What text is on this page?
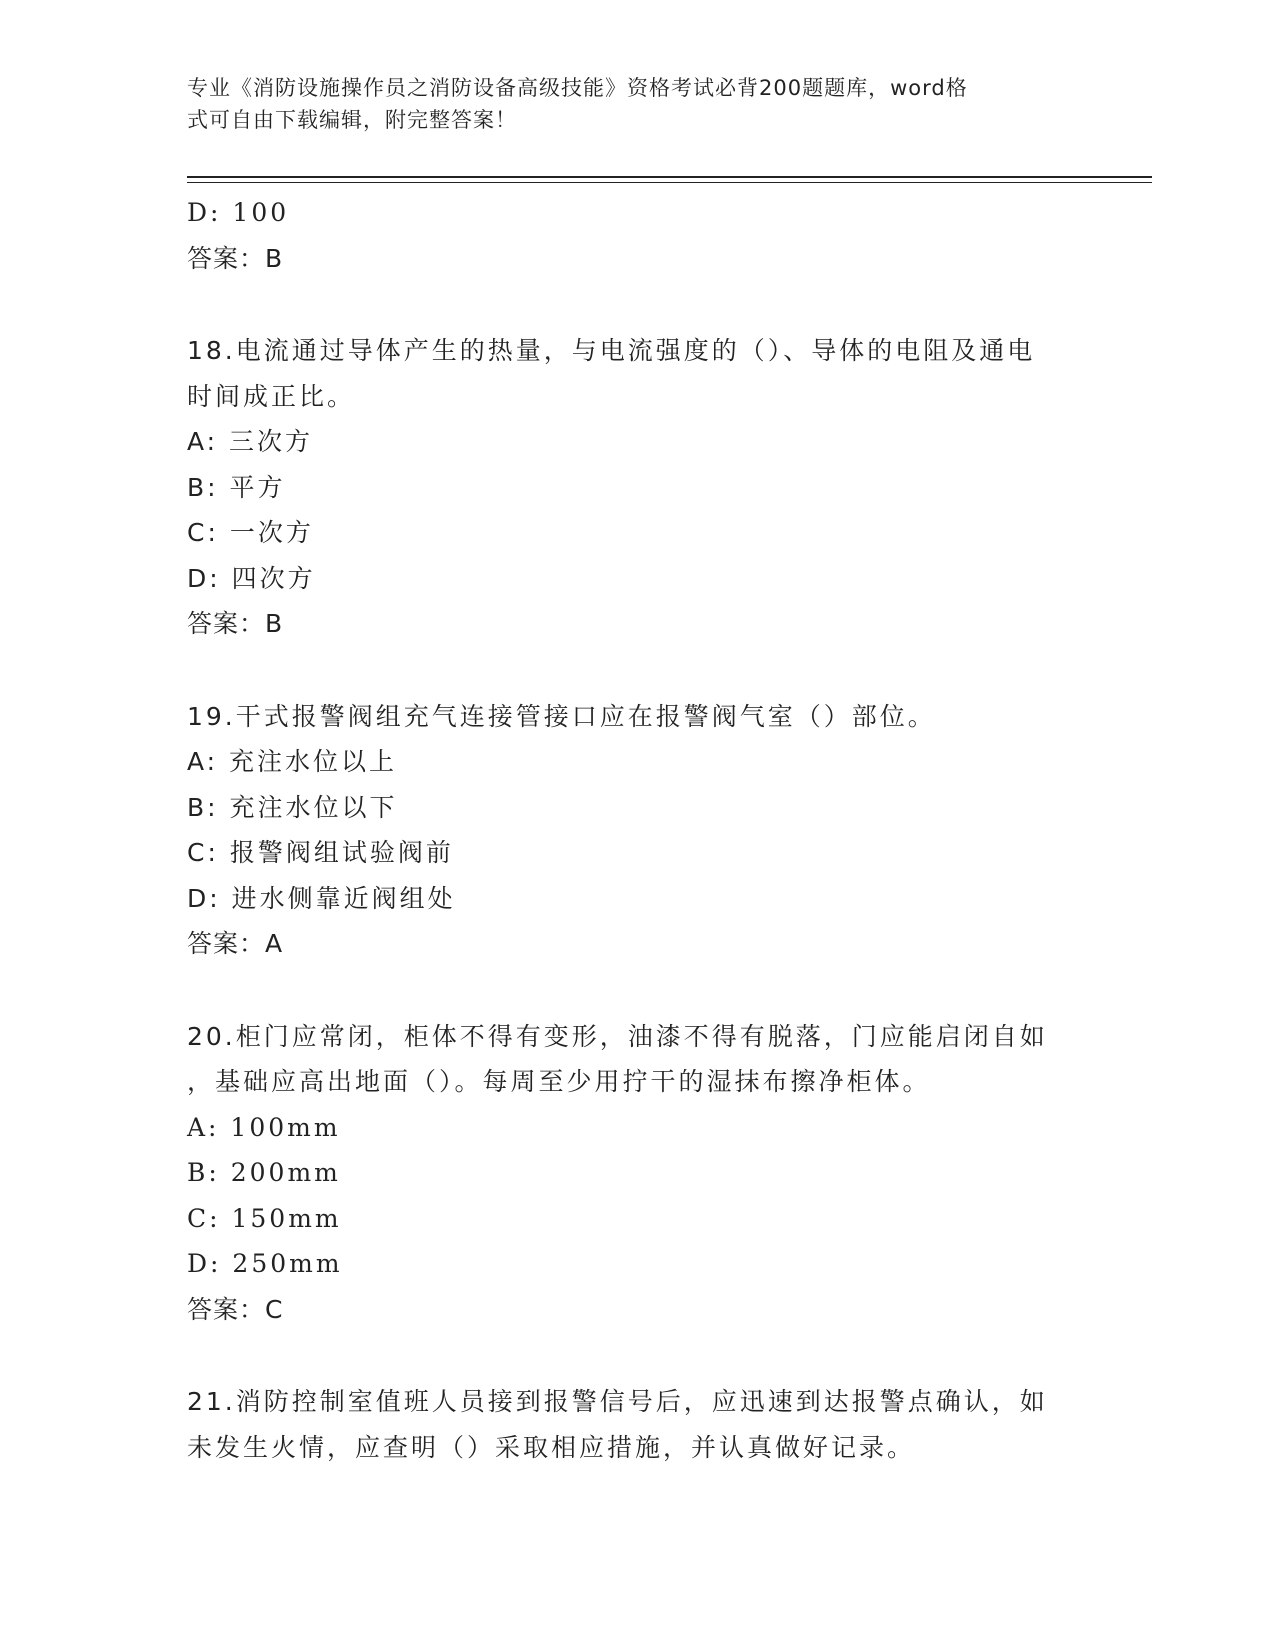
专业《消防设施操作员之消防设备高级技能》资格考试必背200题题库，word格
式可自由下载编辑，附完整答案！
D: 100
答案：B
18.电流通过导体产生的热量，与电流强度的（）、导体的电阻及通电
时间成正比。
A: 三次方
B: 平方
C: 一次方
D: 四次方
答案：B
19.干式报警阀组充气连接管接口应在报警阀气室（）部位。
A: 充注水位以上
B: 充注水位以下
C: 报警阀组试验阀前
D: 进水侧靠近阀组处
答案：A
20.柜门应常闭，柜体不得有变形，油漆不得有脱落，门应能启闭自如
，基础应高出地面（）。每周至少用拧干的湿抹布擦净柜体。
A: 100mm
B: 200mm
C: 150mm
D: 250mm
答案：C
21.消防控制室值班人员接到报警信号后，应迅速到达报警点确认，如
未发生火情，应查明（）采取相应措施，并认真做好记录。
